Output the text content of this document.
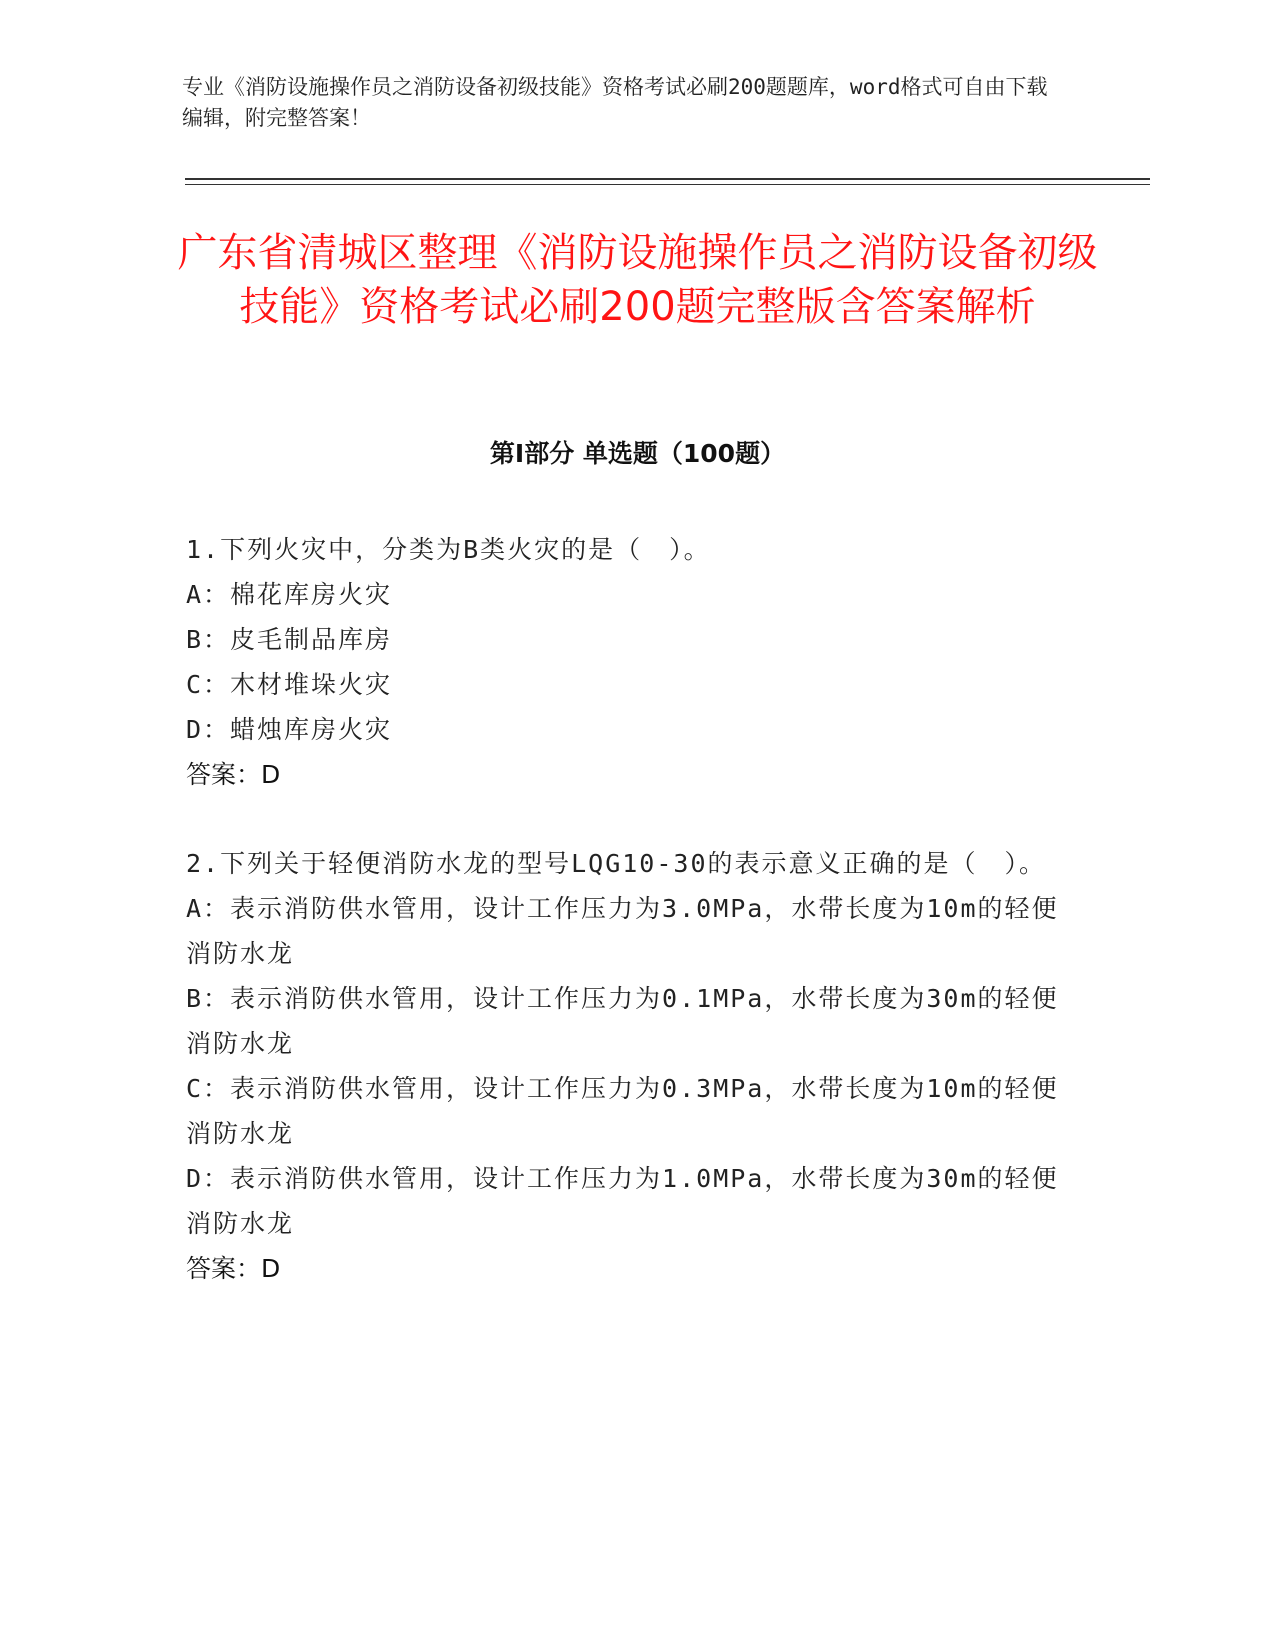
专业《消防设施操作员之消防设备初级技能》资格考试必刷200题题库，word格式可自由下载编辑，附完整答案！
广东省清城区整理《消防设施操作员之消防设备初级技能》资格考试必刷200题完整版含答案解析
第I部分 单选题（100题）

1.下列火灾中，分类为B类火灾的是（　）。

A：棉花库房火灾

B：皮毛制品库房

C：木材堆垛火灾

D：蜡烛库房火灾

答案：D

2.下列关于轻便消防水龙的型号LQG10-30的表示意义正确的是（　）。

A：表示消防供水管用，设计工作压力为3.0MPa，水带长度为10m的轻便消防水龙

B：表示消防供水管用，设计工作压力为0.1MPa，水带长度为30m的轻便消防水龙

C：表示消防供水管用，设计工作压力为0.3MPa，水带长度为10m的轻便消防水龙

D：表示消防供水管用，设计工作压力为1.0MPa，水带长度为30m的轻便消防水龙

答案：D
